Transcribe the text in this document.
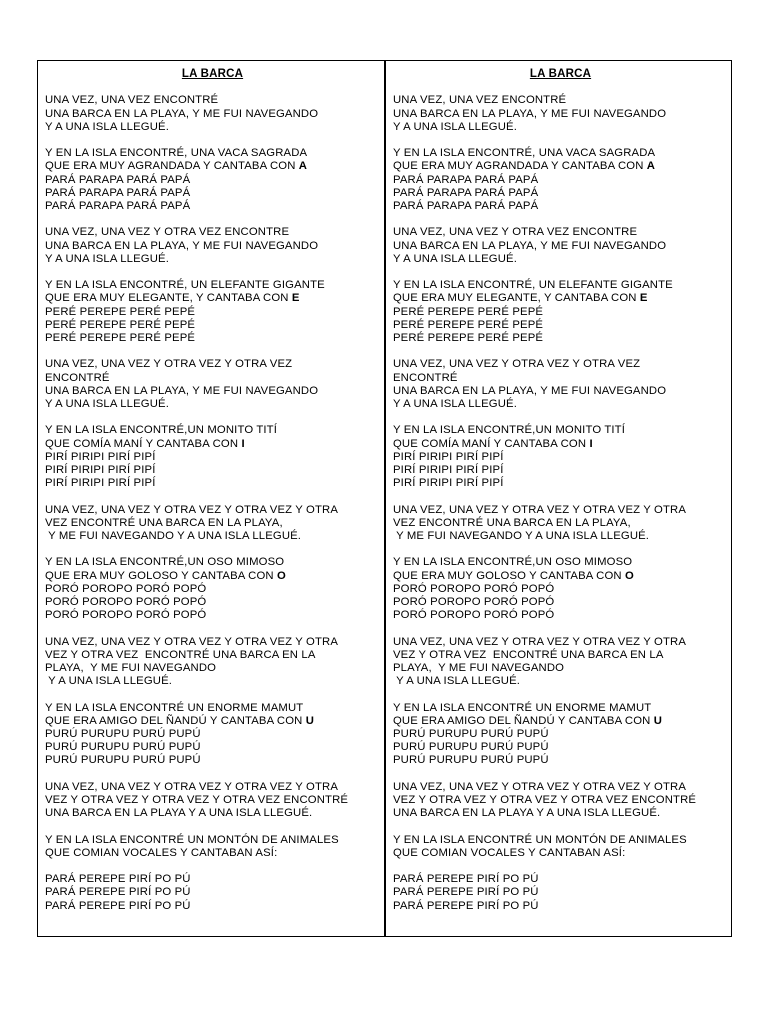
LA BARCA
UNA VEZ, UNA VEZ ENCONTRÉ
UNA BARCA EN LA PLAYA, Y ME FUI NAVEGANDO
Y A UNA ISLA LLEGUÉ.
Y EN LA ISLA ENCONTRÉ, UNA VACA SAGRADA
QUE ERA MUY AGRANDADA Y CANTABA CON A
PARÁ PARAPA PARÁ PAPÁ
PARÁ PARAPA PARÁ PAPÁ
PARÁ PARAPA PARÁ PAPÁ
UNA VEZ, UNA VEZ Y OTRA VEZ ENCONTRE
UNA BARCA EN LA PLAYA, Y ME FUI NAVEGANDO
Y A UNA ISLA LLEGUÉ.
Y EN LA ISLA ENCONTRÉ, UN ELEFANTE GIGANTE
QUE ERA MUY ELEGANTE, Y CANTABA CON E
PERÉ PEREPE PERÉ PEPÉ
PERÉ PEREPE PERÉ PEPÉ
PERÉ PEREPE PERÉ PEPÉ
UNA VEZ, UNA VEZ Y OTRA VEZ Y OTRA VEZ
ENCONTRÉ
UNA BARCA EN LA PLAYA, Y ME FUI NAVEGANDO
Y A UNA ISLA LLEGUÉ.
Y EN LA ISLA ENCONTRÉ,UN MONITO TITÍ
QUE COMÍA MANÍ Y CANTABA CON I
PIRÍ PIRIPI PIRÍ PIPÍ
PIRÍ PIRIPI PIRÍ PIPÍ
PIRÍ PIRIPI PIRÍ PIPÍ
UNA VEZ, UNA VEZ Y OTRA VEZ Y OTRA VEZ Y OTRA
VEZ ENCONTRÉ UNA BARCA EN LA PLAYA,
Y ME FUI NAVEGANDO Y A UNA ISLA LLEGUÉ.
Y EN LA ISLA ENCONTRÉ,UN OSO MIMOSO
QUE ERA MUY GOLOSO Y CANTABA CON O
PORÓ POROPO PORÓ POPÓ
PORÓ POROPO PORÓ POPÓ
PORÓ POROPO PORÓ POPÓ
UNA VEZ, UNA VEZ Y OTRA VEZ Y OTRA VEZ Y OTRA
VEZ Y OTRA VEZ  ENCONTRÉ UNA BARCA EN LA
PLAYA,  Y ME FUI NAVEGANDO
Y A UNA ISLA LLEGUÉ.
Y EN LA ISLA ENCONTRÉ UN ENORME MAMUT
QUE ERA AMIGO DEL ÑANDÚ Y CANTABA CON U
PURÚ PURUPU PURÚ PUPÚ
PURÚ PURUPU PURÚ PUPÚ
PURÚ PURUPU PURÚ PUPÚ
UNA VEZ, UNA VEZ Y OTRA VEZ Y OTRA VEZ Y OTRA
VEZ Y OTRA VEZ Y OTRA VEZ Y OTRA VEZ ENCONTRÉ
UNA BARCA EN LA PLAYA Y A UNA ISLA LLEGUÉ.
Y EN LA ISLA ENCONTRÉ UN MONTÓN DE ANIMALES
QUE COMIAN VOCALES Y CANTABAN ASÍ:
PARÁ PEREPE PIRÍ PO PÚ
PARÁ PEREPE PIRÍ PO PÚ
PARÁ PEREPE PIRÍ PO PÚ
LA BARCA
UNA VEZ, UNA VEZ ENCONTRÉ
UNA BARCA EN LA PLAYA, Y ME FUI NAVEGANDO
Y A UNA ISLA LLEGUÉ.
Y EN LA ISLA ENCONTRÉ, UNA VACA SAGRADA
QUE ERA MUY AGRANDADA Y CANTABA CON A
PARÁ PARAPA PARÁ PAPÁ
PARÁ PARAPA PARÁ PAPÁ
PARÁ PARAPA PARÁ PAPÁ
UNA VEZ, UNA VEZ Y OTRA VEZ ENCONTRE
UNA BARCA EN LA PLAYA, Y ME FUI NAVEGANDO
Y A UNA ISLA LLEGUÉ.
Y EN LA ISLA ENCONTRÉ, UN ELEFANTE GIGANTE
QUE ERA MUY ELEGANTE, Y CANTABA CON E
PERÉ PEREPE PERÉ PEPÉ
PERÉ PEREPE PERÉ PEPÉ
PERÉ PEREPE PERÉ PEPÉ
UNA VEZ, UNA VEZ Y OTRA VEZ Y OTRA VEZ
ENCONTRÉ
UNA BARCA EN LA PLAYA, Y ME FUI NAVEGANDO
Y A UNA ISLA LLEGUÉ.
Y EN LA ISLA ENCONTRÉ,UN MONITO TITÍ
QUE COMÍA MANÍ Y CANTABA CON I
PIRÍ PIRIPI PIRÍ PIPÍ
PIRÍ PIRIPI PIRÍ PIPÍ
PIRÍ PIRIPI PIRÍ PIPÍ
UNA VEZ, UNA VEZ Y OTRA VEZ Y OTRA VEZ Y OTRA
VEZ ENCONTRÉ UNA BARCA EN LA PLAYA,
Y ME FUI NAVEGANDO Y A UNA ISLA LLEGUÉ.
Y EN LA ISLA ENCONTRÉ,UN OSO MIMOSO
QUE ERA MUY GOLOSO Y CANTABA CON O
PORÓ POROPO PORÓ POPÓ
PORÓ POROPO PORÓ POPÓ
PORÓ POROPO PORÓ POPÓ
UNA VEZ, UNA VEZ Y OTRA VEZ Y OTRA VEZ Y OTRA
VEZ Y OTRA VEZ  ENCONTRÉ UNA BARCA EN LA
PLAYA,  Y ME FUI NAVEGANDO
Y A UNA ISLA LLEGUÉ.
Y EN LA ISLA ENCONTRÉ UN ENORME MAMUT
QUE ERA AMIGO DEL ÑANDÚ Y CANTABA CON U
PURÚ PURUPU PURÚ PUPÚ
PURÚ PURUPU PURÚ PUPÚ
PURÚ PURUPU PURÚ PUPÚ
UNA VEZ, UNA VEZ Y OTRA VEZ Y OTRA VEZ Y OTRA
VEZ Y OTRA VEZ Y OTRA VEZ Y OTRA VEZ ENCONTRÉ
UNA BARCA EN LA PLAYA Y A UNA ISLA LLEGUÉ.
Y EN LA ISLA ENCONTRÉ UN MONTÓN DE ANIMALES
QUE COMIAN VOCALES Y CANTABAN ASÍ:
PARÁ PEREPE PIRÍ PO PÚ
PARÁ PEREPE PIRÍ PO PÚ
PARÁ PEREPE PIRÍ PO PÚ
